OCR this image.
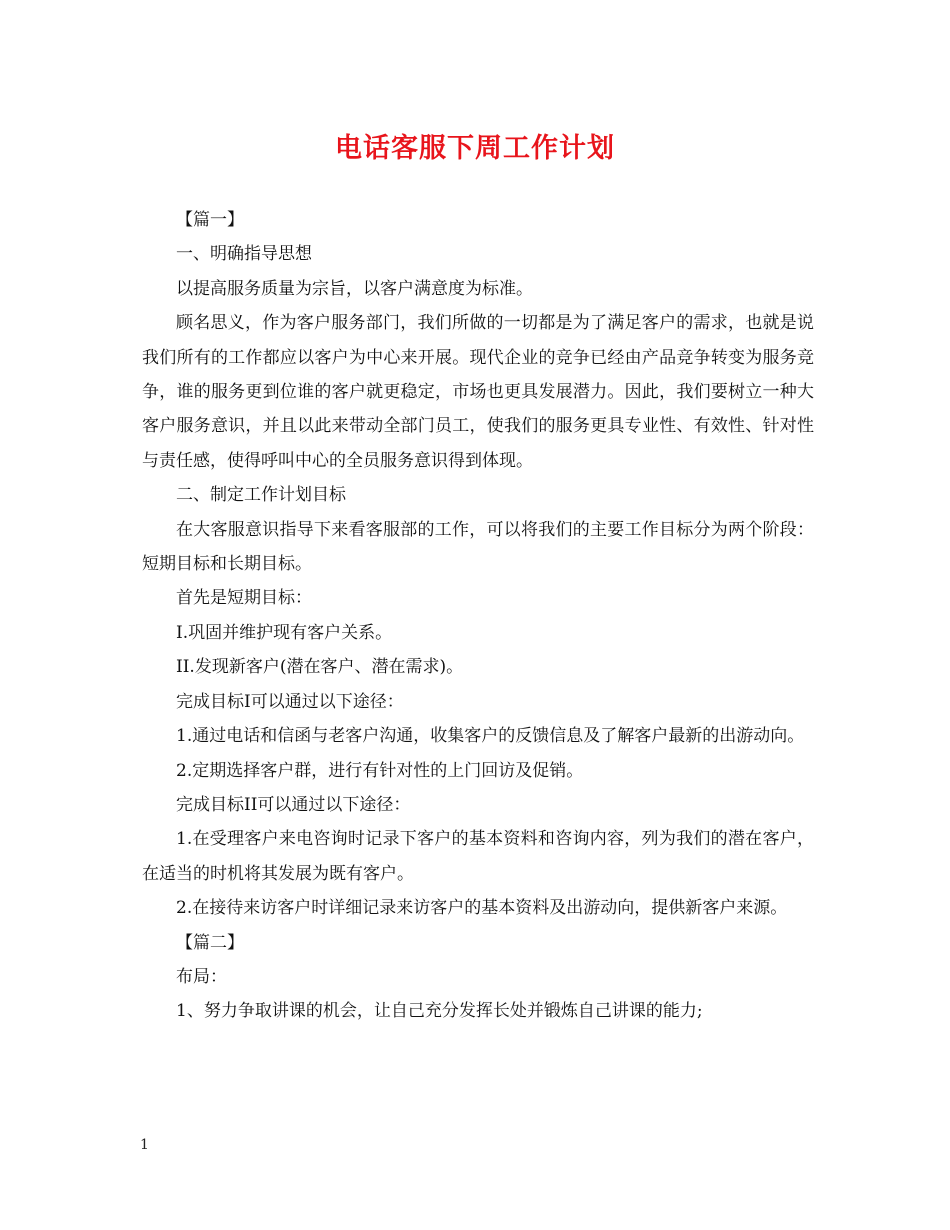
电话客服下周工作计划

【篇一】

一、明确指导思想

以提高服务质量为宗旨，以客户满意度为标准。

顾名思义，作为客户服务部门，我们所做的一切都是为了满足客户的需求，也就是说我们所有的工作都应以客户为中心来开展。现代企业的竞争已经由产品竞争转变为服务竞争，谁的服务更到位谁的客户就更稳定，市场也更具发展潜力。因此，我们要树立一种大客户服务意识，并且以此来带动全部门员工，使我们的服务更具专业性、有效性、针对性与责任感，使得呼叫中心的全员服务意识得到体现。

二、制定工作计划目标

在大客服意识指导下来看客服部的工作，可以将我们的主要工作目标分为两个阶段：短期目标和长期目标。

首先是短期目标：

I.巩固并维护现有客户关系。

II.发现新客户(潜在客户、潜在需求)。

完成目标I可以通过以下途径：

1.通过电话和信函与老客户沟通，收集客户的反馈信息及了解客户最新的出游动向。

2.定期选择客户群，进行有针对性的上门回访及促销。

完成目标II可以通过以下途径：

1.在受理客户来电咨询时记录下客户的基本资料和咨询内容，列为我们的潜在客户，在适当的时机将其发展为既有客户。

2.在接待来访客户时详细记录来访客户的基本资料及出游动向，提供新客户来源。

【篇二】

布局：

1、努力争取讲课的机会，让自己充分发挥长处并锻炼自己讲课的能力;

1
